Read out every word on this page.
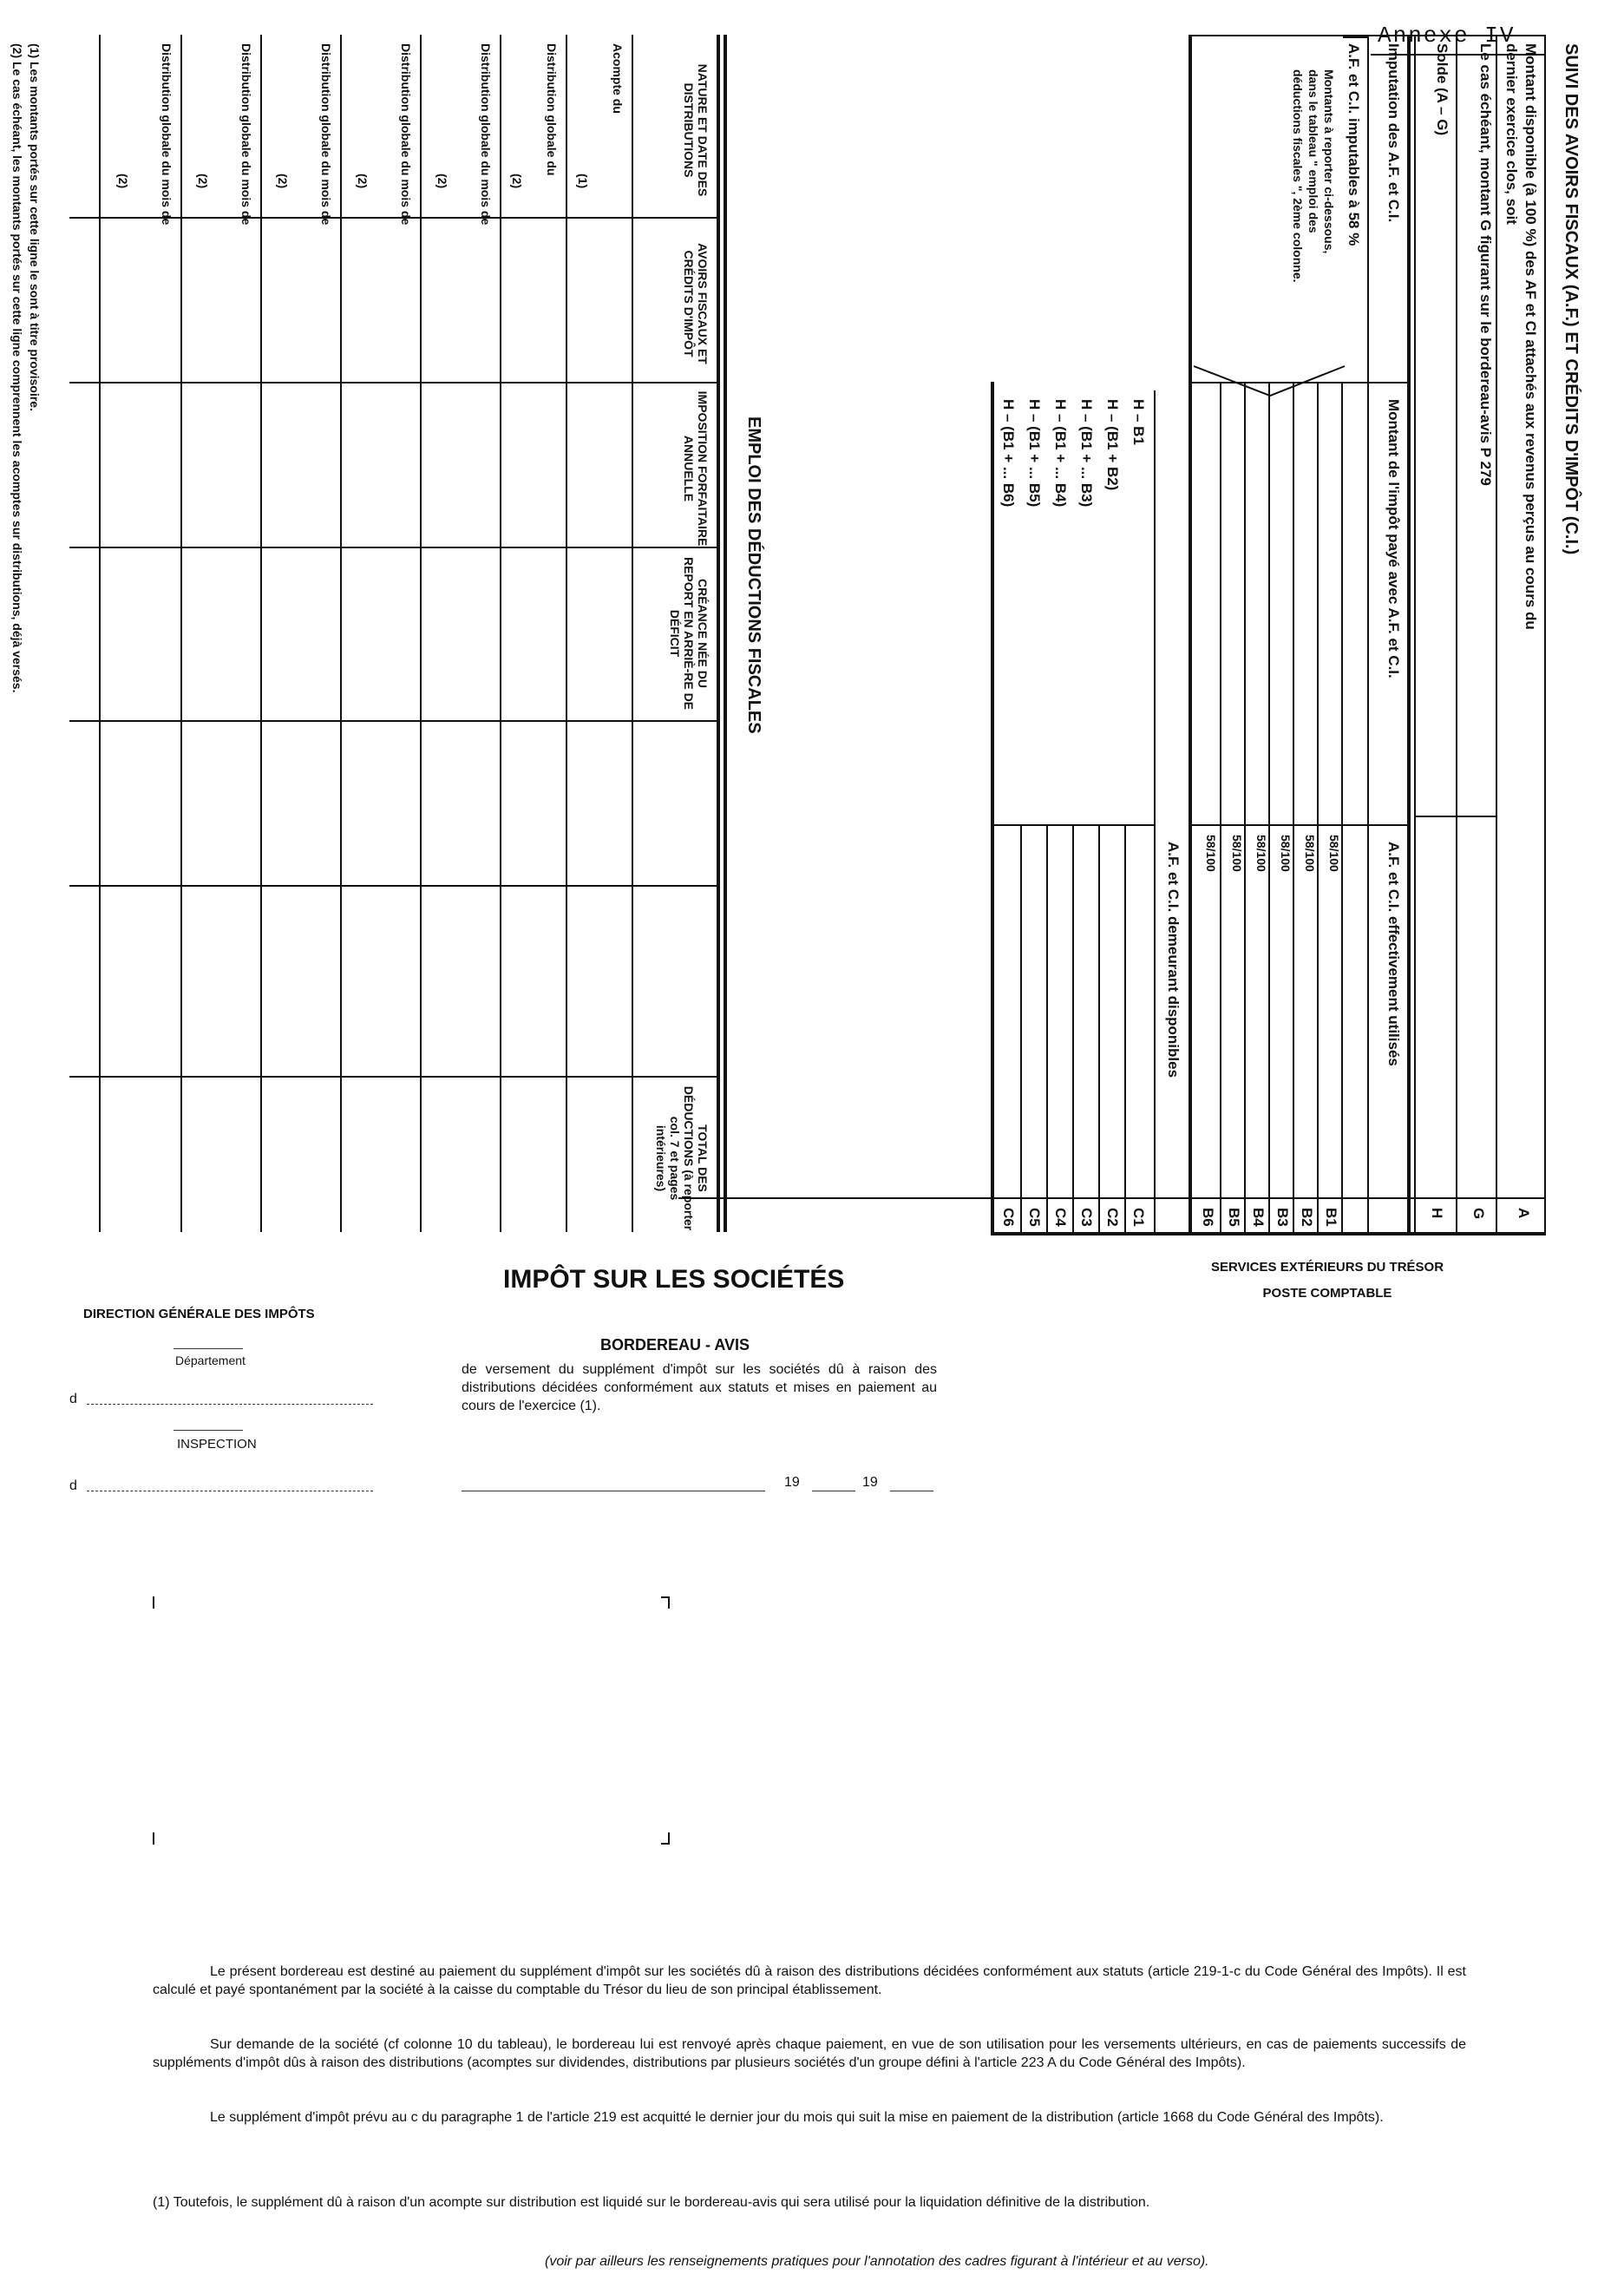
Annexe IV
SUIVI DES AVOIRS FISCAUX (A.F.) ET CRÉDITS D'IMPÔT (C.I.)
Montant disponible (à 100 %) des AF et CI attachés aux revenus perçus au cours du
dernier exercice clos, soit
Le cas échéant, montant G figurant sur le bordereau-avis P 279
Solde (A – G)
A
G
H
Imputation des A.F. et C.I.
Montant de l'impôt payé avec A.F. et C.I.
A.F. et C.I. effectivement utilisés
A.F. et C.I. imputables à 58 %
Montants à reporter ci-dessous,
dans le tableau " emploi des
déductions fiscales ", 2ème colonne.
58/100
58/100
58/100
58/100
58/100
58/100
B1
B2
B3
B4
B5
B6
A.F. et C.I. demeurant disponibles
H – B1
H – (B1 + B2)
H – (B1 + ... B3)
H – (B1 + ... B4)
H – (B1 + ... B5)
H – (B1 + ... B6)
C1
C2
C3
C4
C5
C6
EMPLOI DES DÉDUCTIONS FISCALES
NATURE ET DATE DES DISTRIBUTIONS
AVOIRS FISCAUX ET CRÉDITS D'IMPÔT
IMPOSITION FORFAITAIRE ANNUELLE
CRÉANCE NÉE DU REPORT EN ARRIÈ-RE DE DÉFICIT
TOTAL DES DÉDUCTIONS (à reporter col. 7 et pages intérieures)
Acompte du
(1)
Distribution globale du
(2)
Distribution globale du mois de
(2)
Distribution globale du mois de
(2)
Distribution globale du mois de
(2)
Distribution globale du mois de
(2)
Distribution globale du mois de
(2)
(1) Les montants portés sur cette ligne le sont à titre provisoire.
(2) Le cas échéant, les montants portés sur cette ligne comprennent les acomptes sur distributions, déjà versés.
IMPÔT SUR LES SOCIÉTÉS	SERVICES EXTÉRIEURS DU TRÉSOR
POSTE COMPTABLE
DIRECTION GÉNÉRALE DES IMPÔTS
Département
d
INSPECTION
d
BORDEREAU - AVIS
de versement du supplément d'impôt sur les sociétés dû à raison des distributions décidées conformément aux statuts et mises en paiement au cours de l'exercice (1).
19	19
Le présent bordereau est destiné au paiement du supplément d'impôt sur les sociétés dû à raison des distributions décidées conformément aux statuts (article 219-1-c du Code Général des Impôts). Il est calculé et payé spontanément par la société à la caisse du comptable du Trésor du lieu de son principal établissement.
Sur demande de la société (cf colonne 10 du tableau), le bordereau lui est renvoyé après chaque paiement, en vue de son utilisation pour les versements ultérieurs, en cas de paiements successifs de suppléments d'impôt dûs à raison des distributions (acomptes sur dividendes, distributions par plusieurs sociétés d'un groupe défini à l'article 223 A du Code Général des Impôts).
Le supplément d'impôt prévu au c du paragraphe 1 de l'article 219 est acquitté le dernier jour du mois qui suit la mise en paiement de la distribution (article 1668 du Code Général des Impôts).
(1) Toutefois, le supplément dû à raison d'un acompte sur distribution est liquidé sur le bordereau-avis qui sera utilisé pour la liquidation définitive de la distribution.
(voir par ailleurs les renseignements pratiques pour l'annotation des cadres figurant à l'intérieur et au verso).
